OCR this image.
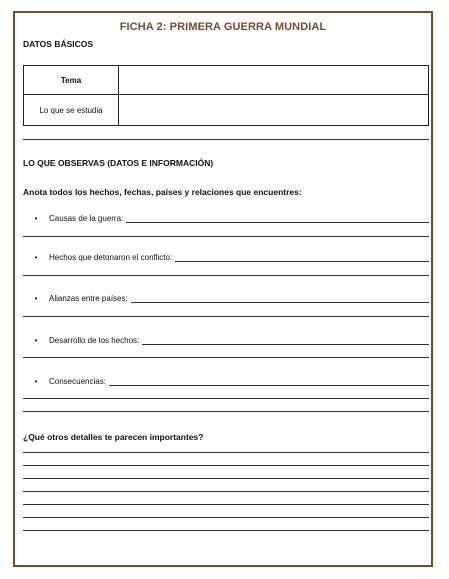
FICHA 2: PRIMERA GUERRA MUNDIAL
DATOS BÁSICOS
Tema	
Lo que se estudia	
LO QUE OBSERVAS (DATOS E INFORMACIÓN)
Anota todos los hechos, fechas, países y relaciones que encuentres:
•	Causas de la guerra:
•	Hechos que detonaron el conflicto:
•	Alianzas entre países:
•	Desarrollo de los hechos:
•	Consecuencias:
¿Qué otros detalles te parecen importantes?
